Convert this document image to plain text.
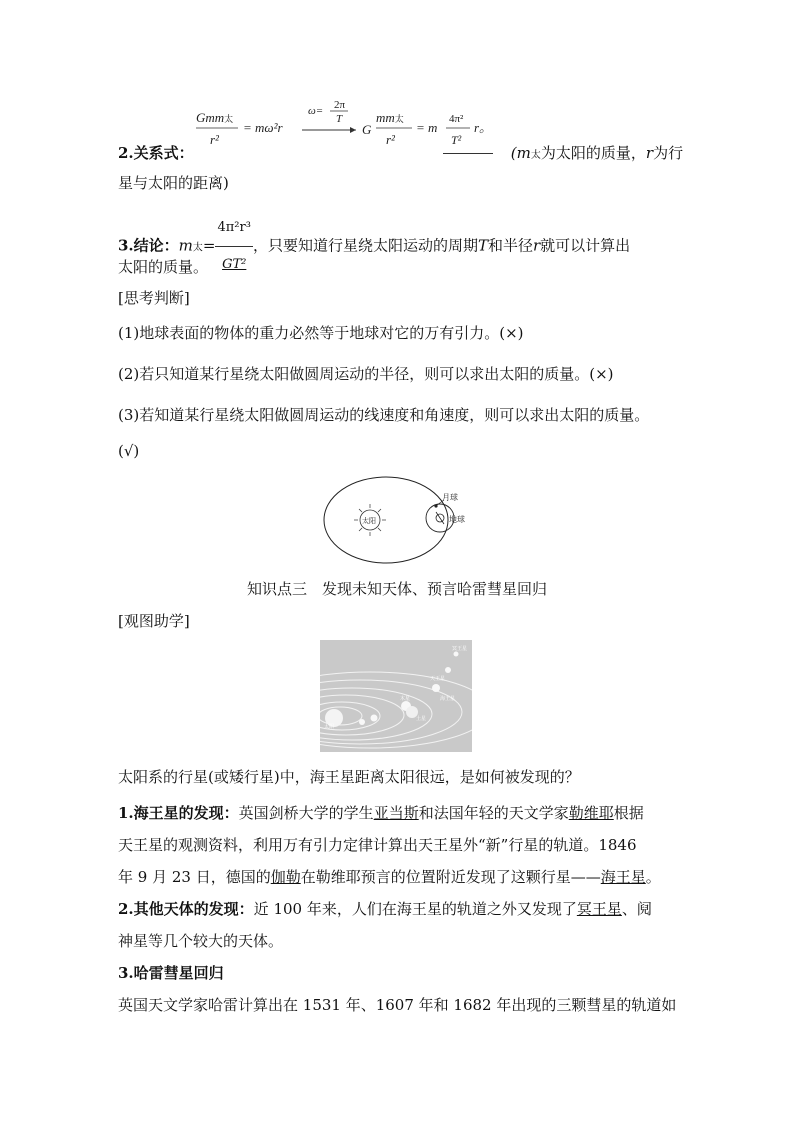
Gmm太
r²
= mω²r
ω= 2π
T
G
mm太
r²
= m
4π²
T²
r。
2.关系式：	(m太为太阳的质量，r为行
星与太阳的距离)
3.结论：m太= $\frac{\text{4π²r³}}{\text{GT²}}$ ，只要知道行星绕太阳运动的周期T和半径r就可以计算出
太阳的质量。
[思考判断]
(1)地球表面的物体的重力必然等于地球对它的万有引力。(×)
(2)若只知道某行星绕太阳做圆周运动的半径，则可以求出太阳的质量。(×)
(3)若知道某行星绕太阳做圆周运动的线速度和角速度，则可以求出太阳的质量。
(√)
太阳
月球
地球
知识点三　发现未知天体、预言哈雷彗星回归
[观图助学]
天王星
海王星
木星
土星
太阳
冥王星
太阳系的行星(或矮行星)中，海王星距离太阳很远，是如何被发现的？
1.海王星的发现：英国剑桥大学的学生亚当斯和法国年轻的天文学家勒维耶根据
天王星的观测资料，利用万有引力定律计算出天王星外“新”行星的轨道。1846
年 9 月 23 日，德国的伽勒在勒维耶预言的位置附近发现了这颗行星——海王星。
2.其他天体的发现：近 100 年来，人们在海王星的轨道之外又发现了冥王星、阋
神星等几个较大的天体。
3.哈雷彗星回归
英国天文学家哈雷计算出在 1531 年、1607 年和 1682 年出现的三颗彗星的轨道如
